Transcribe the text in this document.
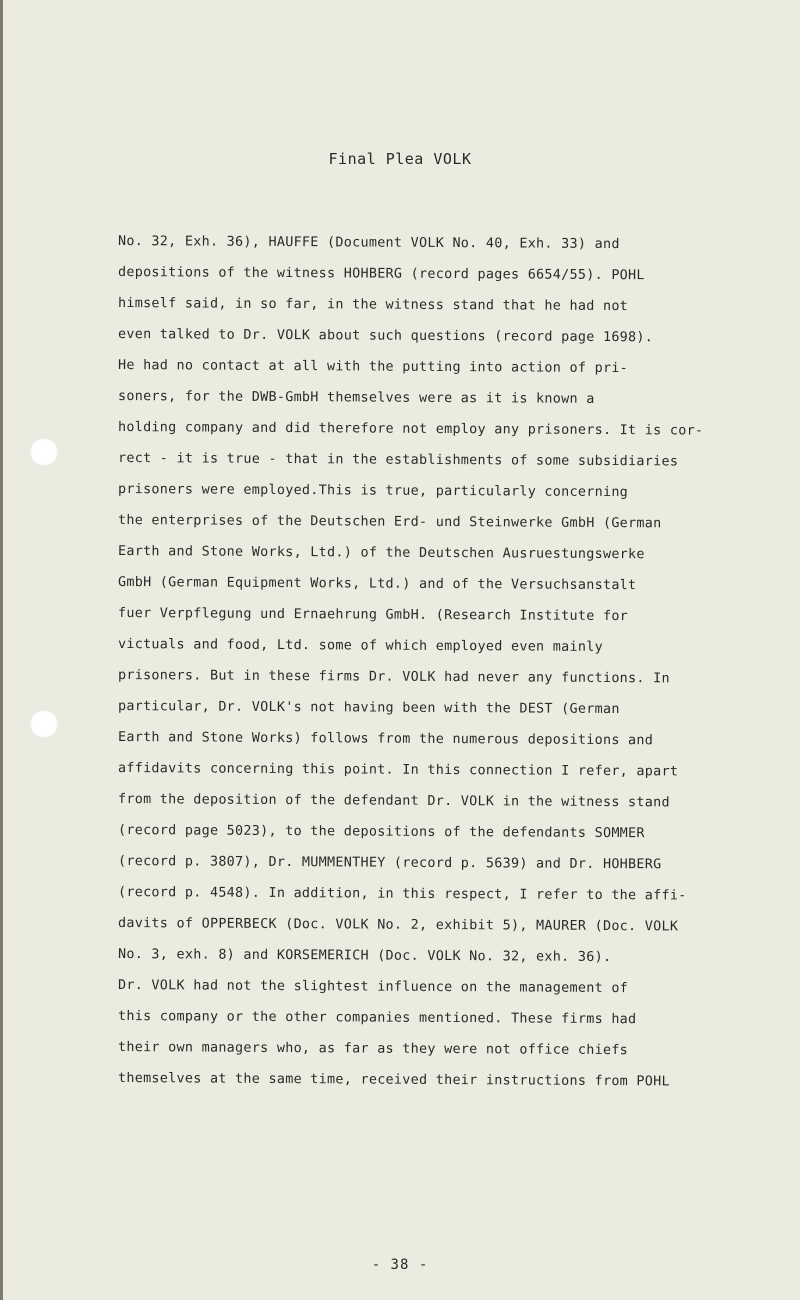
Final Plea VOLK
No. 32, Exh. 36), HAUFFE (Document VOLK No. 40, Exh. 33) and
depositions of the witness HOHBERG (record pages 6654/55). POHL
himself said, in so far, in the witness stand that he had not
even talked to Dr. VOLK about such questions (record page 1698).
He had no contact at all with the putting into action of pri-
soners, for the DWB-GmbH themselves were as it is known a
holding company and did therefore not employ any prisoners. It is cor-
rect - it is true - that in the establishments of some subsidiaries
prisoners were employed.This is true, particularly concerning
the enterprises of the Deutschen Erd- und Steinwerke GmbH (German
Earth and Stone Works, Ltd.) of the Deutschen Ausruestungswerke
GmbH (German Equipment Works, Ltd.) and of the Versuchsanstalt
fuer Verpflegung und Ernaehrung GmbH. (Research Institute for
victuals and food, Ltd. some of which employed even mainly
prisoners. But in these firms Dr. VOLK had never any functions. In
particular, Dr. VOLK's not having been with the DEST (German
Earth and Stone Works) follows from the numerous depositions and
affidavits concerning this point. In this connection I refer, apart
from the deposition of the defendant Dr. VOLK in the witness stand
(record page 5023), to the depositions of the defendants SOMMER
(record p. 3807), Dr. MUMMENTHEY (record p. 5639) and Dr. HOHBERG
(record p. 4548). In addition, in this respect, I refer to the affi-
davits of OPPERBECK (Doc. VOLK No. 2, exhibit 5), MAURER (Doc. VOLK
No. 3, exh. 8) and KORSEMERICH (Doc. VOLK No. 32, exh. 36).
Dr. VOLK had not the slightest influence on the management of
this company or the other companies mentioned. These firms had
their own managers who, as far as they were not office chiefs
themselves at the same time, received their instructions from POHL
- 38 -
